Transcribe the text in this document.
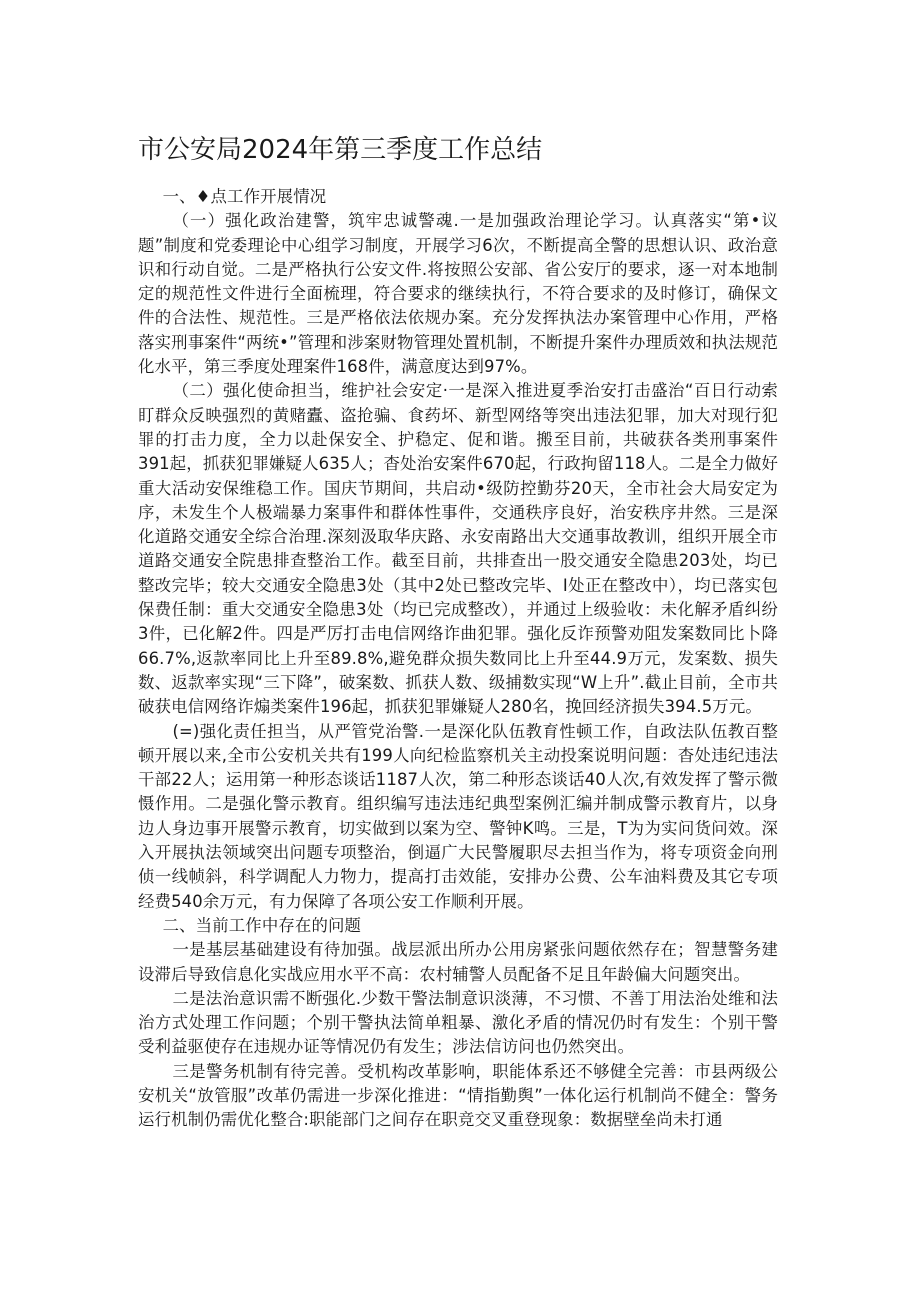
市公安局2024年第三季度工作总结

一、♦点工作开展情况

（一）强化政治建警，筑牢忠诚警魂.一是加强政治理论学习。认真落实“第•议题”制度和党委理论中心组学习制度，开展学习6次，不断提高全警的思想认识、政治意识和行动自觉。二是严格执行公安文件.将按照公安部、省公安厅的要求，逐一对本地制定的规范性文件进行全面梳理，符合要求的继续执行，不符合要求的及时修订，确保文件的合法性、规范性。三是严格依法依规办案。充分发挥执法办案管理中心作用，严格落实刑事案件“两统•”管理和涉案财物管理处置机制，不断提升案件办理质效和执法规范化水平，第三季度处理案件168件，满意度达到97%。

（二）强化使命担当，维护社会安定·一是深入推进夏季治安打击盛治“百日行动索盯群众反映强烈的黄赌蠹、盗抢骗、食药坏、新型网络等突出违法犯罪，加大对现行犯罪的打击力度，全力以赴保安全、护稳定、促和谐。搬至目前，共破获各类刑事案件391起，抓获犯罪嫌疑人635人；杳处治安案件670起，行政拘留118人。二是全力做好重大活动安保维稳工作。国庆节期间，共启动•级防控勤芬20天，全市社会大局安定为序，未发生个人极端暴力案事件和群体性事件，交通秩序良好，治安秩序井然。三是深化道路交通安全综合治理.深刻汲取华庆路、永安南路出大交通事故教训，组织开展全市道路交通安全院患排查整治工作。截至目前，共排查出一股交通安全隐患203处，均已整改完毕；较大交通安全隐患3处（其中2处已整改完毕、I处正在整改中），均已落实包保费任制：重大交通安全隐患3处（均已完成整改），并通过上级验收：未化解矛盾纠纷3件，已化解2件。四是严厉打击电信网络诈曲犯罪。强化反诈预警劝阻发案数同比卜降66.7%,返款率同比上升至89.8%,避免群众损失数同比上升至44.9万元，发案数、损失数、返款率实现“三下降”，破案数、抓获人数、级捕数实现“W上升”.截止目前，全市共破获电信网络诈煽类案件196起，抓获犯罪嫌疑人280名，挽回经济损失394.5万元。

(=)强化责任担当，从严管党治警.一是深化队伍教育性顿工作，自政法队伍教百整顿开展以来,全市公安机关共有199人向纪检监察机关主动投案说明问题：杳处违纪违法干部22人；运用第一种形态谈话1187人次，第二种形态谈话40人次,有效发挥了警示微慑作用。二是强化警示教育。组织编写违法违纪典型案例汇编并制成警示教育片，以身边人身边事开展警示教育，切实做到以案为空、警钟K鸣。三是，T为为实问货问效。深入开展执法领域突出问题专项整治，倒逼广大民警履职尽去担当作为，将专项资金向刑侦一线帧斜，科学调配人力物力，提高打击效能，安排办公费、公车油料费及其它专项经费540余万元，有力保障了各项公安工作顺利开展。

二、当前工作中存在的问题

一是基层基础建设有待加强。战层派出所办公用房紧张问题依然存在；智慧警务建设滞后导致信息化实战应用水平不高：农村辅警人员配备不足且年龄偏大问题突出。

二是法治意识需不断强化.少数干警法制意识淡薄，不习惯、不善丁用法治处维和法治方式处理工作问题；个别干警执法简单粗暴、激化矛盾的情况仍时有发生：个别干警受利益驱使存在违规办证等情况仍有发生；涉法信访问也仍然突出。

三是警务机制有待完善。受机构改革影响，职能体系还不够健全完善：市县两级公安机关“放管服”改革仍需进一步深化推进：“情指勤舆”一体化运行机制尚不健全：警务运行机制仍需优化整合:职能部门之间存在职竞交叉重登现象：数据壁垒尚未打通
